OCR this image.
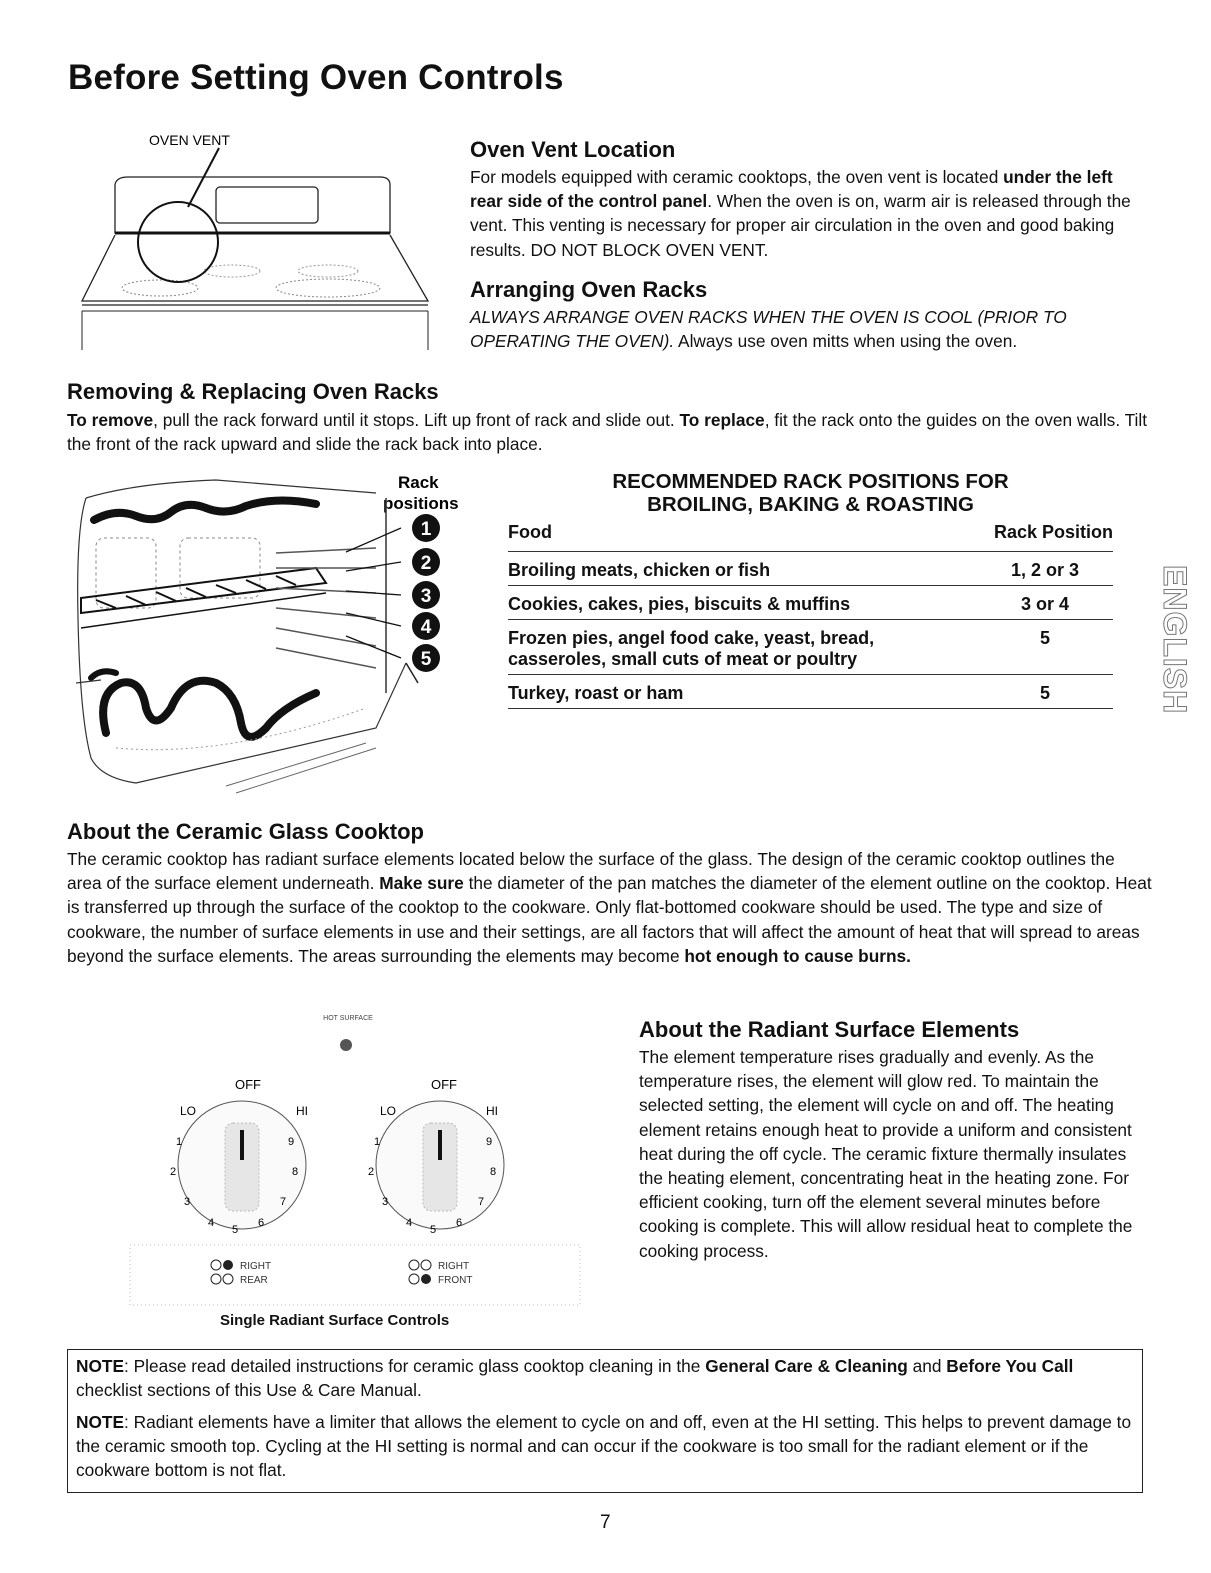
Before Setting Oven Controls
OVEN VENT	Oven Vent Location

For models equipped with ceramic cooktops, the oven vent is located under the left rear side of the control panel. When the oven is on, warm air is released through the vent. This venting is necessary for proper air circulation in the oven and good baking results. DO NOT BLOCK OVEN VENT.

Arranging Oven Racks

ALWAYS ARRANGE OVEN RACKS WHEN THE OVEN IS COOL (PRIOR TO OPERATING THE OVEN). Always use oven mitts when using the oven.

Removing & Replacing Oven Racks

To remove, pull the rack forward until it stops. Lift up front of rack and slide out. To replace, fit the rack onto the guides on the oven walls. Tilt the front of the rack upward and slide the rack back into place.

Rack
positions
1
2
3
4
5
RECOMMENDED RACK POSITIONS FOR
BROILING, BAKING & ROASTING
Food	Rack Position
Broiling meats, chicken or fish	1, 2 or 3
Cookies, cakes, pies, biscuits & muffins	3 or 4
Frozen pies, angel food cake, yeast, bread, casseroles, small cuts of meat or poultry
5
Turkey, roast or ham	5	ENGLISH
About the Ceramic Glass Cooktop

The ceramic cooktop has radiant surface elements located below the surface of the glass. The design of the ceramic cooktop outlines the area of the surface element underneath. Make sure the diameter of the pan matches the diameter of the element outline on the cooktop. Heat is transferred up through the surface of the cooktop to the cookware. Only flat-bottomed cookware should be used. The type and size of cookware, the number of surface elements in use and their settings, are all factors that will affect the amount of heat that will spread to areas beyond the surface elements. The areas surrounding the elements may become hot enough to cause burns.

HOT SURFACE
OFF
LO	HI
1
2
3
4
5
6
7
8
9
RIGHT
REAR
OFF
LO	HI
1
2
3
4
5
6
7
8
9
RIGHT
FRONT
Single Radiant Surface Controls
About the Radiant Surface Elements

The element temperature rises gradually and evenly. As the temperature rises, the element will glow red. To maintain the selected setting, the element will cycle on and off. The heating element retains enough heat to provide a uniform and consistent heat during the off cycle. The ceramic fixture thermally insulates the heating element, concentrating heat in the heating zone. For efficient cooking, turn off the element several minutes before cooking is complete. This will allow residual heat to complete the cooking process.

NOTE: Please read detailed instructions for ceramic glass cooktop cleaning in the General Care & Cleaning and Before You Call checklist sections of this Use & Care Manual.

NOTE: Radiant elements have a limiter that allows the element to cycle on and off, even at the HI setting. This helps to prevent damage to the ceramic smooth top. Cycling at the HI setting is normal and can occur if the cookware is too small for the radiant element or if the cookware bottom is not flat.

7
